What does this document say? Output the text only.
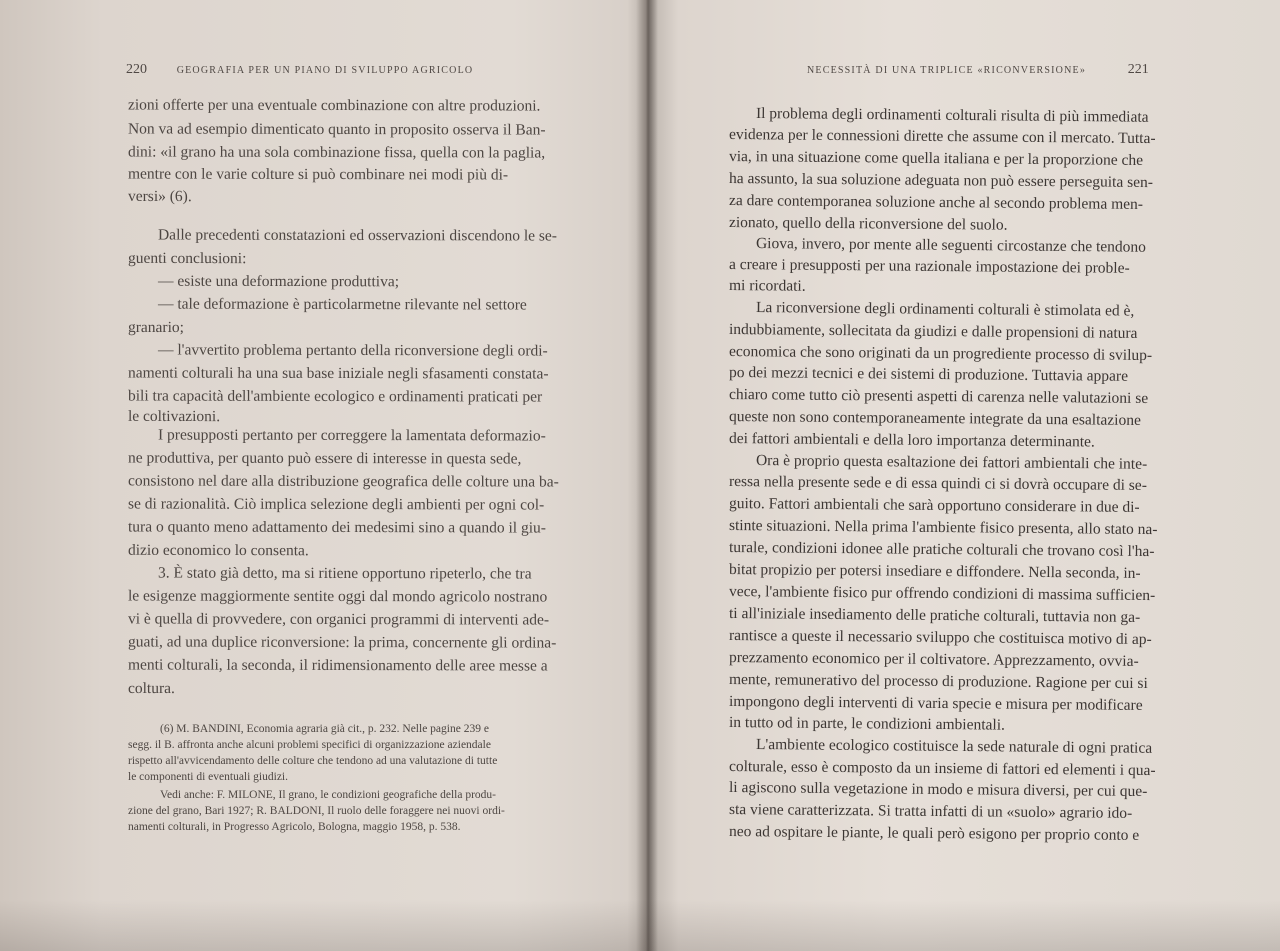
220	GEOGRAFIA PER UN PIANO DI SVILUPPO AGRICOLO
zioni offerte per una eventuale combinazione con altre produzioni.
Non va ad esempio dimenticato quanto in proposito osserva il Ban-
dini: «il grano ha una sola combinazione fissa, quella con la paglia,
mentre con le varie colture si può combinare nei modi più di-
versi» (6).
Dalle precedenti constatazioni ed osservazioni discendono le se-
guenti conclusioni:
— esiste una deformazione produttiva;
— tale deformazione è particolarmetne rilevante nel settore
granario;
— l'avvertito problema pertanto della riconversione degli ordi-
namenti colturali ha una sua base iniziale negli sfasamenti constata-
bili tra capacità dell'ambiente ecologico e ordinamenti praticati per
le coltivazioni.
I presupposti pertanto per correggere la lamentata deformazio-
ne produttiva, per quanto può essere di interesse in questa sede,
consistono nel dare alla distribuzione geografica delle colture una ba-
se di razionalità. Ciò implica selezione degli ambienti per ogni col-
tura o quanto meno adattamento dei medesimi sino a quando il giu-
dizio economico lo consenta.
3. È stato già detto, ma si ritiene opportuno ripeterlo, che tra
le esigenze maggiormente sentite oggi dal mondo agricolo nostrano
vi è quella di provvedere, con organici programmi di interventi ade-
guati, ad una duplice riconversione: la prima, concernente gli ordina-
menti colturali, la seconda, il ridimensionamento delle aree messe a
coltura.
(6) M. BANDINI, Economia agraria già cit., p. 232. Nelle pagine 239 e
segg. il B. affronta anche alcuni problemi specifici di organizzazione aziendale
rispetto all'avvicendamento delle colture che tendono ad una valutazione di tutte
le componenti di eventuali giudizi.
Vedi anche: F. MILONE, Il grano, le condizioni geografiche della produ-
zione del grano, Bari 1927; R. BALDONI, Il ruolo delle foraggere nei nuovi ordi-
namenti colturali, in Progresso Agricolo, Bologna, maggio 1958, p. 538.
NECESSITÀ DI UNA TRIPLICE «RICONVERSIONE»	221
Il problema degli ordinamenti colturali risulta di più immediata
evidenza per le connessioni dirette che assume con il mercato. Tutta-
via, in una situazione come quella italiana e per la proporzione che
ha assunto, la sua soluzione adeguata non può essere perseguita sen-
za dare contemporanea soluzione anche al secondo problema men-
zionato, quello della riconversione del suolo.
Giova, invero, por mente alle seguenti circostanze che tendono
a creare i presupposti per una razionale impostazione dei proble-
mi ricordati.
La riconversione degli ordinamenti colturali è stimolata ed è,
indubbiamente, sollecitata da giudizi e dalle propensioni di natura
economica che sono originati da un progrediente processo di svilup-
po dei mezzi tecnici e dei sistemi di produzione. Tuttavia appare
chiaro come tutto ciò presenti aspetti di carenza nelle valutazioni se
queste non sono contemporaneamente integrate da una esaltazione
dei fattori ambientali e della loro importanza determinante.
Ora è proprio questa esaltazione dei fattori ambientali che inte-
ressa nella presente sede e di essa quindi ci si dovrà occupare di se-
guito. Fattori ambientali che sarà opportuno considerare in due di-
stinte situazioni. Nella prima l'ambiente fisico presenta, allo stato na-
turale, condizioni idonee alle pratiche colturali che trovano così l'ha-
bitat propizio per potersi insediare e diffondere. Nella seconda, in-
vece, l'ambiente fisico pur offrendo condizioni di massima sufficien-
ti all'iniziale insediamento delle pratiche colturali, tuttavia non ga-
rantisce a queste il necessario sviluppo che costituisca motivo di ap-
prezzamento economico per il coltivatore. Apprezzamento, ovvia-
mente, remunerativo del processo di produzione. Ragione per cui si
impongono degli interventi di varia specie e misura per modificare
in tutto od in parte, le condizioni ambientali.
L'ambiente ecologico costituisce la sede naturale di ogni pratica
colturale, esso è composto da un insieme di fattori ed elementi i qua-
li agiscono sulla vegetazione in modo e misura diversi, per cui que-
sta viene caratterizzata. Si tratta infatti di un «suolo» agrario ido-
neo ad ospitare le piante, le quali però esigono per proprio conto e
